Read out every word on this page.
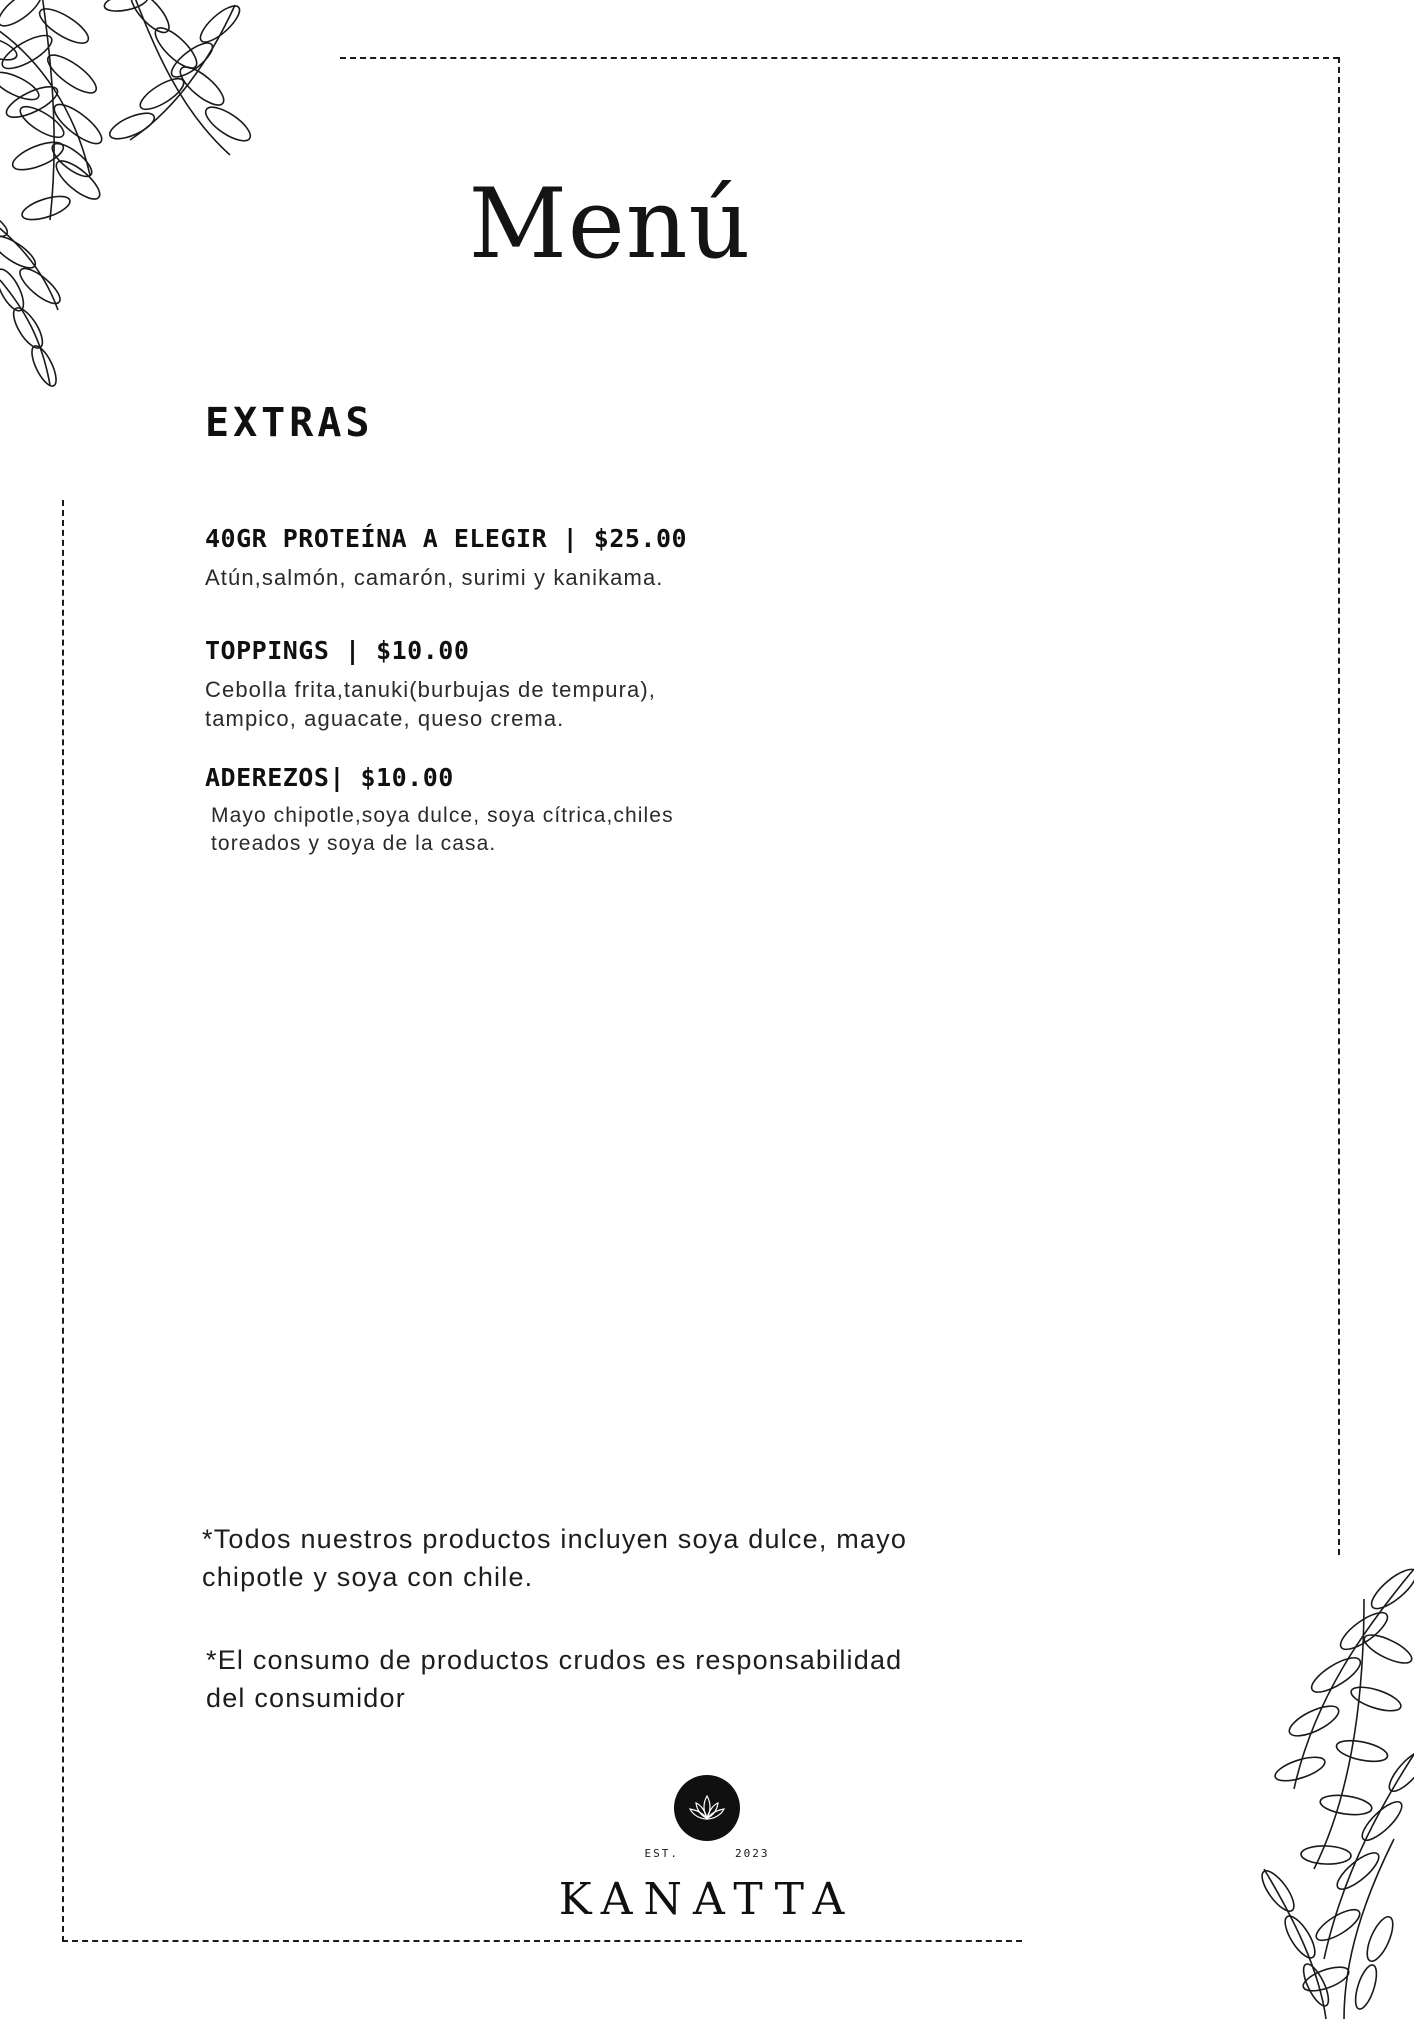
Menú
EXTRAS
40GR PROTEÍNA A ELEGIR | $25.00
Atún,salmón, camarón, surimi y kanikama.
TOPPINGS | $10.00
Cebolla frita,tanuki(burbujas de tempura), tampico, aguacate, queso crema.
ADEREZOS| $10.00
Mayo chipotle,soya dulce, soya cítrica,chiles toreados y soya de la casa.
*Todos nuestros productos incluyen soya dulce, mayo chipotle y soya con chile.
*El consumo de productos crudos es responsabilidad del consumidor
EST.	2023
KANATTA
